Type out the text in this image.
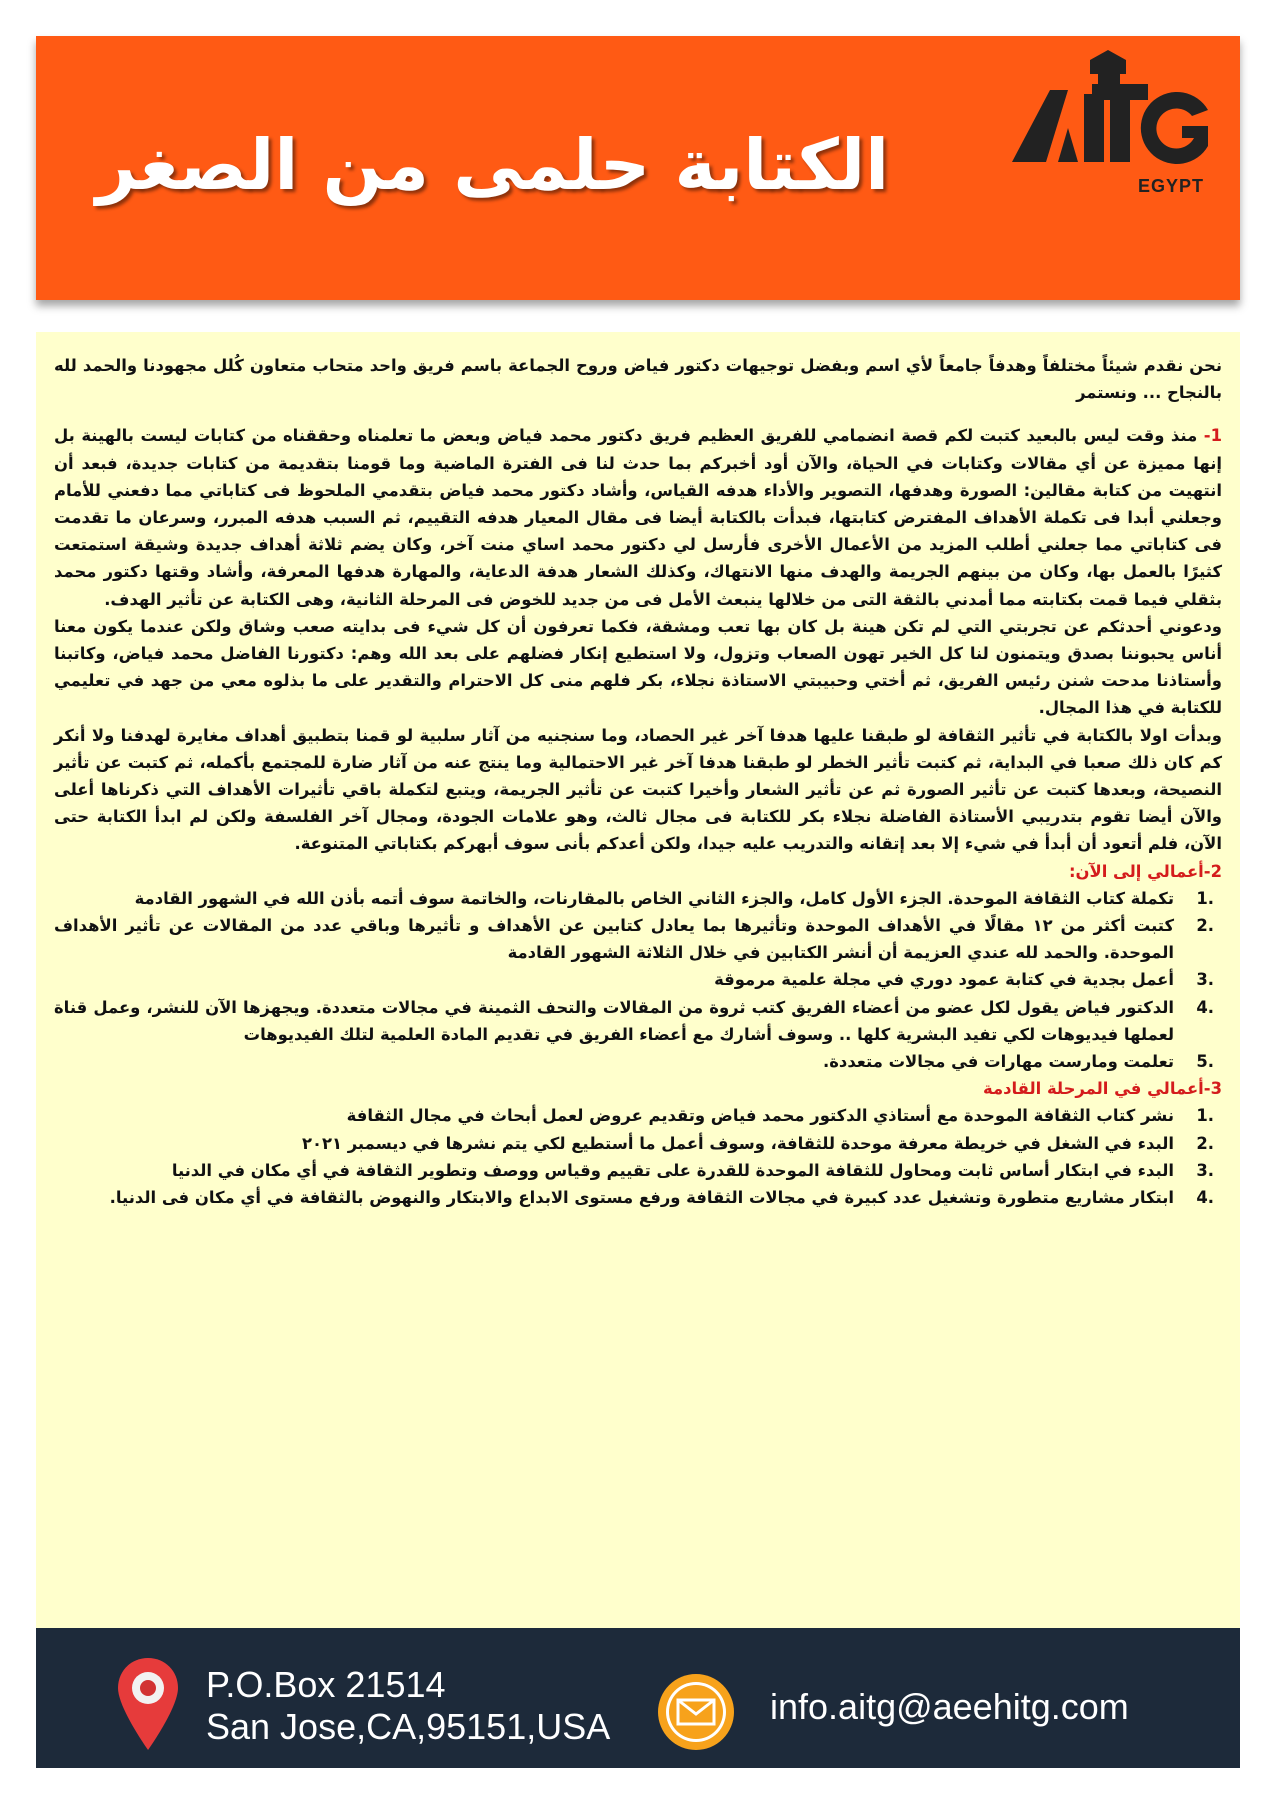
الكتابة حلمى من الصغر	EGYPT

نحن نقدم شيئاً مختلفاً وهدفاً جامعاً لأي اسم وبفضل توجيهات دكتور فياض وروح الجماعة باسم فريق واحد متحاب متعاون كُلل مجهودنا والحمد لله بالنجاح ... ونستمر

1- منذ وقت ليس بالبعيد كتبت لكم قصة انضمامي للفريق العظيم فريق دكتور محمد فياض وبعض ما تعلمناه وحققناه من كتابات ليست بالهينة بل إنها مميزة عن أي مقالات وكتابات في الحياة، والآن أود أخبركم بما حدث لنا فى الفترة الماضية وما قومنا بتقديمة من كتابات جديدة، فبعد أن انتهيت من كتابة مقالين: الصورة وهدفها، التصوير والأداء هدفه القياس، وأشاد دكتور محمد فياض بتقدمي الملحوظ فى كتاباتي مما دفعني للأمام وجعلني أبدا فى تكملة الأهداف المفترض كتابتها، فبدأت بالكتابة أيضا فى مقال المعيار هدفه التقييم، ثم السبب هدفه المبرر، وسرعان ما تقدمت فى كتاباتي مما جعلني أطلب المزيد من الأعمال الأخرى فأرسل لي دكتور محمد اساي منت آخر، وكان يضم ثلاثة أهداف جديدة وشيقة استمتعت كثيرًا بالعمل بها، وكان من بينهم الجريمة والهدف منها الانتهاك، وكذلك الشعار هدفة الدعاية، والمهارة هدفها المعرفة، وأشاد وقتها دكتور محمد بثقلي فيما قمت بكتابته مما أمدني بالثقة التى من خلالها ينبعث الأمل فى من جديد للخوض فى المرحلة الثانية، وهى الكتابة عن تأثير الهدف.

ودعوني أحدثكم عن تجربتي التي لم تكن هينة بل كان بها تعب ومشقة، فكما تعرفون أن كل شيء فى بدايته صعب وشاق ولكن عندما يكون معنا أناس يحبوننا بصدق ويتمنون لنا كل الخير تهون الصعاب وتزول، ولا استطيع إنكار فضلهم على بعد الله وهم: دكتورنا الفاضل محمد فياض، وكاتبنا وأستاذنا مدحت شنن رئيس الفريق، ثم أختي وحبيبتي الاستاذة نجلاء، بكر فلهم منى كل الاحترام والتقدير على ما بذلوه معي من جهد في تعليمي للكتابة في هذا المجال.

وبدأت اولا بالكتابة في تأثير الثقافة لو طبقنا عليها هدفا آخر غير الحصاد، وما سنجنيه من آثار سلبية لو قمنا بتطبيق أهداف مغايرة لهدفنا ولا أنكر كم كان ذلك صعبا في البداية، ثم كتبت تأثير الخطر لو طبقنا هدفا آخر غير الاحتمالية وما ينتج عنه من آثار ضارة للمجتمع بأكمله، ثم كتبت عن تأثير النصيحة، وبعدها كتبت عن تأثير الصورة ثم عن تأثير الشعار وأخيرا كتبت عن تأثير الجريمة، ويتبع لتكملة باقي تأثيرات الأهداف التي ذكرناها أعلى والآن أيضا تقوم بتدريبي الأستاذة الفاضلة نجلاء بكر للكتابة فى مجال ثالث، وهو علامات الجودة، ومجال آخر الفلسفة ولكن لم ابدأ الكتابة حتى الآن، فلم أتعود أن أبدأ في شيء إلا بعد إتقانه والتدريب عليه جيدا، ولكن أعدكم بأنى سوف أبهركم بكتاباتي المتنوعة.

2-أعمالي إلى الآن:

1.
تكملة كتاب الثقافة الموحدة. الجزء الأول كامل، والجزء الثاني الخاص بالمقارنات، والخاتمة سوف أتمه بأذن الله في الشهور القادمة
2.
كتبت أكثر من ١٢ مقالًا في الأهداف الموحدة وتأثيرها بما يعادل كتابين عن الأهداف و تأثيرها وباقي عدد من المقالات عن تأثير الأهداف الموحدة. والحمد لله عندي العزيمة أن أنشر الكتابين في خلال الثلاثة الشهور القادمة
3.
أعمل بجدية في كتابة عمود دوري في مجلة علمية مرموقة
4.
الدكتور فياض يقول لكل عضو من أعضاء الفريق كتب ثروة من المقالات والتحف الثمينة في مجالات متعددة. ويجهزها الآن للنشر، وعمل قناة لعملها فيديوهات لكي تفيد البشرية كلها .. وسوف أشارك مع أعضاء الفريق في تقديم المادة العلمية لتلك الفيديوهات
5.
تعلمت ومارست مهارات في مجالات متعددة.

3-أعمالي في المرحلة القادمة

1.
نشر كتاب الثقافة الموحدة مع أستاذي الدكتور محمد فياض وتقديم عروض لعمل أبحاث في مجال الثقافة
2.
البدء في الشغل في خريطة معرفة موحدة للثقافة، وسوف أعمل ما أستطيع لكي يتم نشرها في ديسمبر ٢٠٢١
3.
البدء في ابتكار أساس ثابت ومحاول للثقافة الموحدة للقدرة على تقييم وقياس ووصف وتطوير الثقافة في أي مكان في الدنيا
4.
ابتكار مشاريع متطورة وتشغيل عدد كبيرة في مجالات الثقافة ورفع مستوى الابداع والابتكار والنهوض بالثقافة في أي مكان فى الدنيا.
P.O.Box 21514
San Jose,CA,95151,USA	info.aitg@aeehitg.com
